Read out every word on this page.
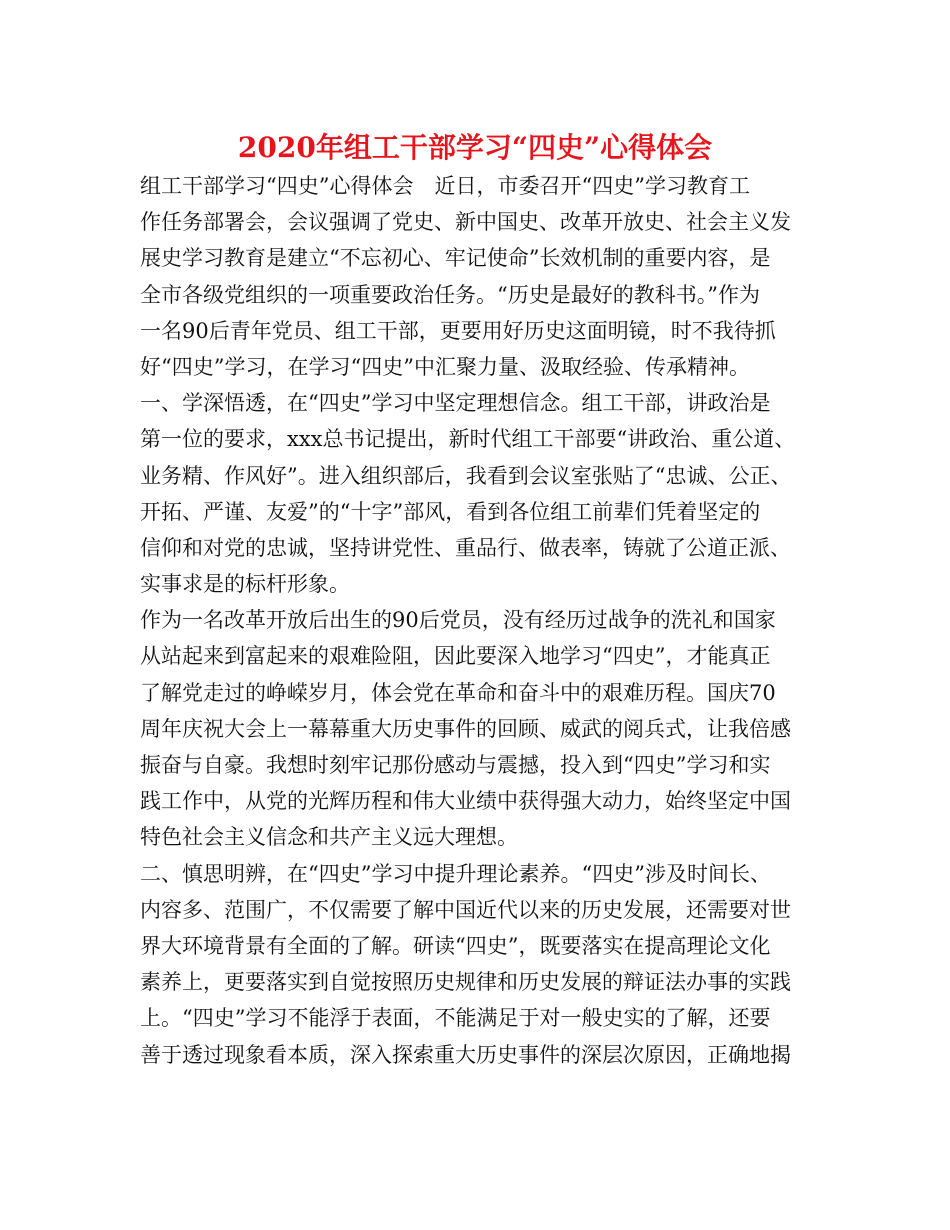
2020年组工干部学习“四史”心得体会
组工干部学习“四史”心得体会　近日，市委召开“四史”学习教育工
作任务部署会，会议强调了党史、新中国史、改革开放史、社会主义发
展史学习教育是建立“不忘初心、牢记使命”长效机制的重要内容，是
全市各级党组织的一项重要政治任务。“历史是最好的教科书。”作为
一名90后青年党员、组工干部，更要用好历史这面明镜，时不我待抓
好“四史”学习，在学习“四史”中汇聚力量、汲取经验、传承精神。
一、学深悟透，在“四史”学习中坚定理想信念。组工干部，讲政治是
第一位的要求，xxx总书记提出，新时代组工干部要“讲政治、重公道、
业务精、作风好”。进入组织部后，我看到会议室张贴了“忠诚、公正、
开拓、严谨、友爱”的“十字”部风，看到各位组工前辈们凭着坚定的
信仰和对党的忠诚，坚持讲党性、重品行、做表率，铸就了公道正派、
实事求是的标杆形象。
作为一名改革开放后出生的90后党员，没有经历过战争的洗礼和国家
从站起来到富起来的艰难险阻，因此要深入地学习“四史”，才能真正
了解党走过的峥嵘岁月，体会党在革命和奋斗中的艰难历程。国庆70
周年庆祝大会上一幕幕重大历史事件的回顾、威武的阅兵式，让我倍感
振奋与自豪。我想时刻牢记那份感动与震撼，投入到“四史”学习和实
践工作中，从党的光辉历程和伟大业绩中获得强大动力，始终坚定中国
特色社会主义信念和共产主义远大理想。
二、慎思明辨，在“四史”学习中提升理论素养。“四史”涉及时间长、
内容多、范围广，不仅需要了解中国近代以来的历史发展，还需要对世
界大环境背景有全面的了解。研读“四史”，既要落实在提高理论文化
素养上，更要落实到自觉按照历史规律和历史发展的辩证法办事的实践
上。“四史”学习不能浮于表面，不能满足于对一般史实的了解，还要
善于透过现象看本质，深入探索重大历史事件的深层次原因，正确地揭
